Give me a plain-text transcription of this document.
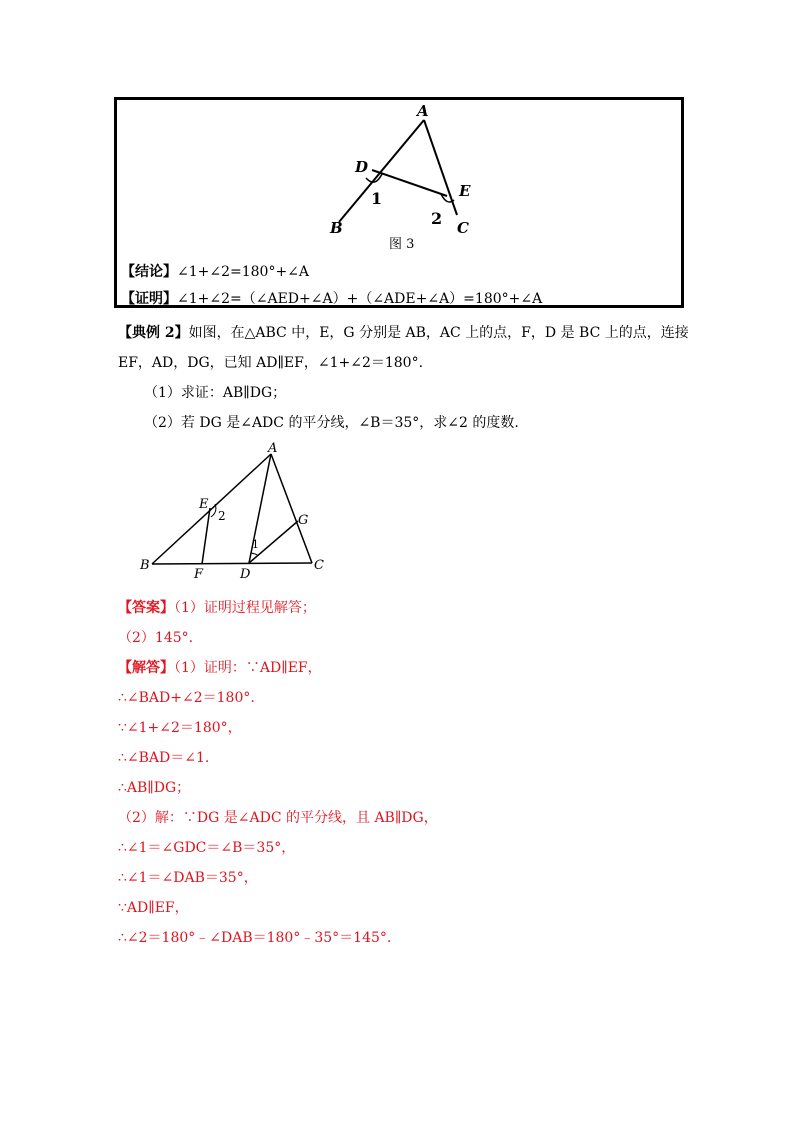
A
B	C
D
E
1
2
图 3
【结论】∠1+∠2=180°+∠A
【证明】∠1+∠2=（∠AED+∠A）+（∠ADE+∠A）=180°+∠A
【典例 2】如图，在△ABC 中，E，G 分别是 AB，AC 上的点，F，D 是 BC 上的点，连接
EF，AD，DG，已知 AD∥EF，∠1+∠2＝180°.
（1）求证：AB∥DG；
（2）若 DG 是∠ADC 的平分线，∠B＝35°，求∠2 的度数.
A
B	C
D
E
F
G
1
2
【答案】（1）证明过程见解答；
（2）145°.
【解答】（1）证明：∵AD∥EF，
∴∠BAD+∠2＝180°.
∵∠1+∠2＝180°，
∴∠BAD＝∠1.
∴AB∥DG；
（2）解：∵DG 是∠ADC 的平分线，且 AB∥DG，
∴∠1＝∠GDC＝∠B＝35°，
∴∠1＝∠DAB＝35°，
∵AD∥EF，
∴∠2＝180°﹣∠DAB＝180°﹣35°＝145°.
